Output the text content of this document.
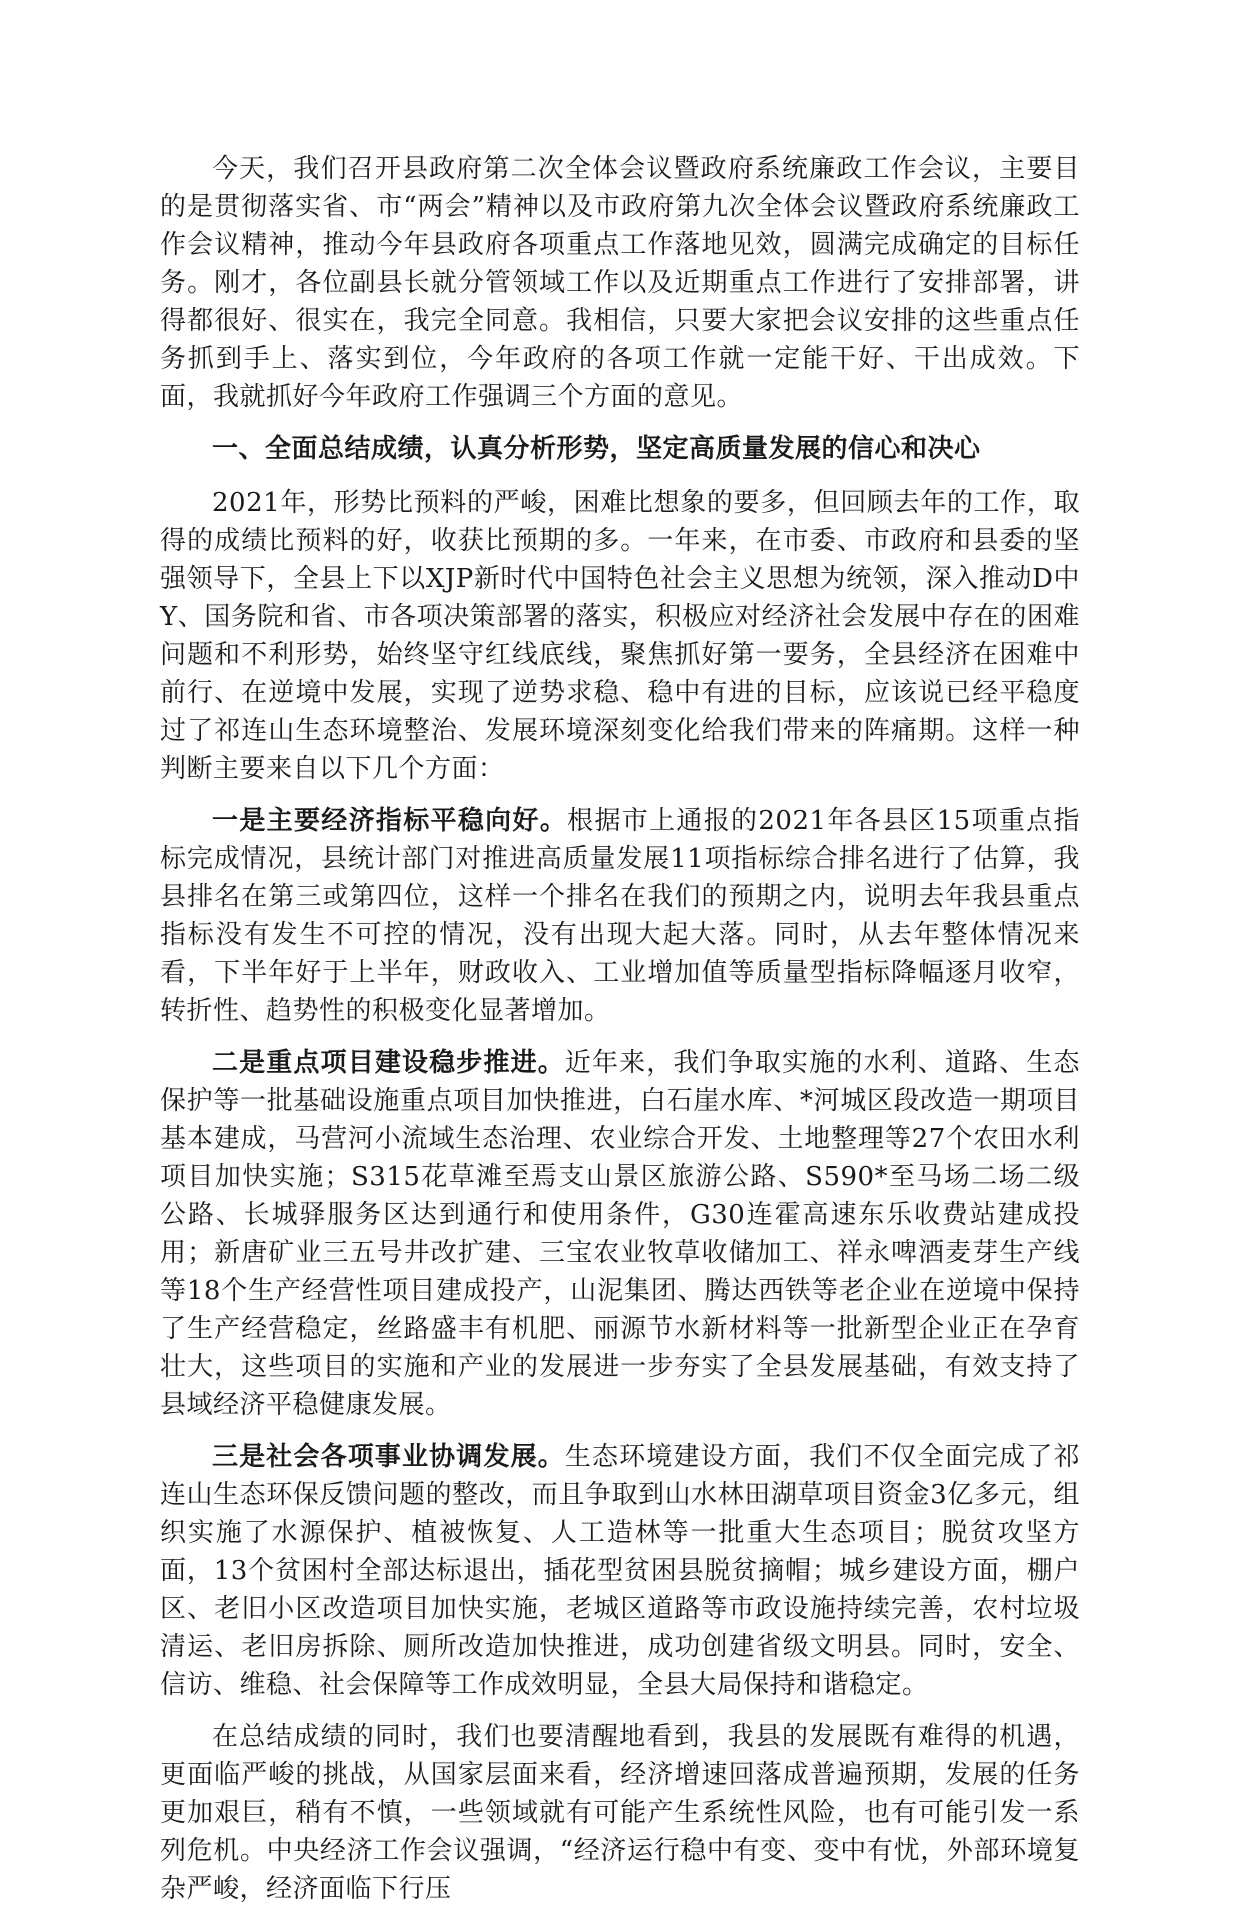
今天，我们召开县政府第二次全体会议暨政府系统廉政工作会议，主要目的是贯彻落实省、市“两会”精神以及市政府第九次全体会议暨政府系统廉政工作会议精神，推动今年县政府各项重点工作落地见效，圆满完成确定的目标任务。刚才，各位副县长就分管领域工作以及近期重点工作进行了安排部署，讲得都很好、很实在，我完全同意。我相信，只要大家把会议安排的这些重点任务抓到手上、落实到位，今年政府的各项工作就一定能干好、干出成效。下面，我就抓好今年政府工作强调三个方面的意见。

一、全面总结成绩，认真分析形势，坚定高质量发展的信心和决心

2021年，形势比预料的严峻，困难比想象的要多，但回顾去年的工作，取得的成绩比预料的好，收获比预期的多。一年来，在市委、市政府和县委的坚强领导下，全县上下以XJP新时代中国特色社会主义思想为统领，深入推动D中Y、国务院和省、市各项决策部署的落实，积极应对经济社会发展中存在的困难问题和不利形势，始终坚守红线底线，聚焦抓好第一要务，全县经济在困难中前行、在逆境中发展，实现了逆势求稳、稳中有进的目标，应该说已经平稳度过了祁连山生态环境整治、发展环境深刻变化给我们带来的阵痛期。这样一种判断主要来自以下几个方面：

一是主要经济指标平稳向好。根据市上通报的2021年各县区15项重点指标完成情况，县统计部门对推进高质量发展11项指标综合排名进行了估算，我县排名在第三或第四位，这样一个排名在我们的预期之内，说明去年我县重点指标没有发生不可控的情况，没有出现大起大落。同时，从去年整体情况来看，下半年好于上半年，财政收入、工业增加值等质量型指标降幅逐月收窄，转折性、趋势性的积极变化显著增加。

二是重点项目建设稳步推进。近年来，我们争取实施的水利、道路、生态保护等一批基础设施重点项目加快推进，白石崖水库、*河城区段改造一期项目基本建成，马营河小流域生态治理、农业综合开发、土地整理等27个农田水利项目加快实施；S315花草滩至焉支山景区旅游公路、S590*至马场二场二级公路、长城驿服务区达到通行和使用条件，G30连霍高速东乐收费站建成投用；新唐矿业三五号井改扩建、三宝农业牧草收储加工、祥永啤酒麦芽生产线等18个生产经营性项目建成投产，山泥集团、腾达西铁等老企业在逆境中保持了生产经营稳定，丝路盛丰有机肥、丽源节水新材料等一批新型企业正在孕育壮大，这些项目的实施和产业的发展进一步夯实了全县发展基础，有效支持了县域经济平稳健康发展。

三是社会各项事业协调发展。生态环境建设方面，我们不仅全面完成了祁连山生态环保反馈问题的整改，而且争取到山水林田湖草项目资金3亿多元，组织实施了水源保护、植被恢复、人工造林等一批重大生态项目；脱贫攻坚方面，13个贫困村全部达标退出，插花型贫困县脱贫摘帽；城乡建设方面，棚户区、老旧小区改造项目加快实施，老城区道路等市政设施持续完善，农村垃圾清运、老旧房拆除、厕所改造加快推进，成功创建省级文明县。同时，安全、信访、维稳、社会保障等工作成效明显，全县大局保持和谐稳定。

在总结成绩的同时，我们也要清醒地看到，我县的发展既有难得的机遇，更面临严峻的挑战，从国家层面来看，经济增速回落成普遍预期，发展的任务更加艰巨，稍有不慎，一些领域就有可能产生系统性风险，也有可能引发一系列危机。中央经济工作会议强调，“经济运行稳中有变、变中有忧，外部环境复杂严峻，经济面临下行压
